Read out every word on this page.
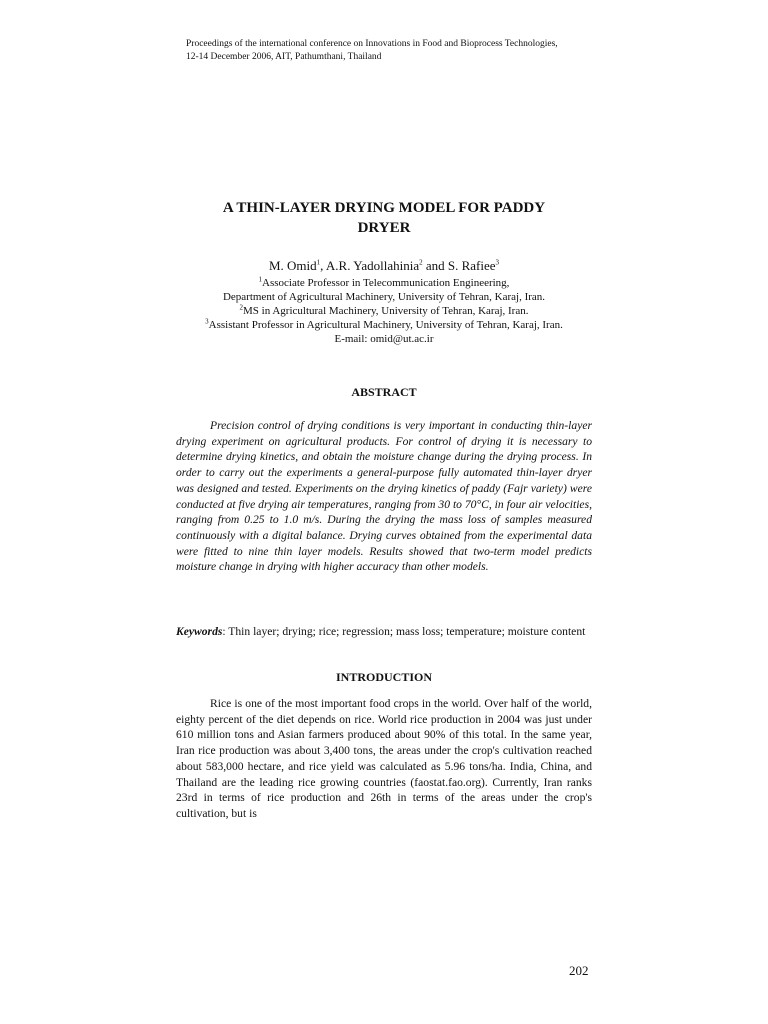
Proceedings of the international conference on Innovations in Food and Bioprocess Technologies,
12-14 December 2006, AIT, Pathumthani, Thailand
A THIN-LAYER DRYING MODEL FOR PADDY
DRYER
M. Omid$^1$, A.R. Yadollahinia$^2$ and S. Rafiee$^3$
$^1$Associate Professor in Telecommunication Engineering,
Department of Agricultural Machinery, University of Tehran, Karaj, Iran.
$^2$MS in Agricultural Machinery, University of Tehran, Karaj, Iran.
$^3$Assistant Professor in Agricultural Machinery, University of Tehran, Karaj, Iran.
E-mail: omid@ut.ac.ir
ABSTRACT
Precision control of drying conditions is very important in conducting thin-layer drying experiment on agricultural products. For control of drying it is necessary to determine drying kinetics, and obtain the moisture change during the drying process. In order to carry out the experiments a general-purpose fully automated thin-layer dryer was designed and tested. Experiments on the drying kinetics of paddy (Fajr variety) were conducted at five drying air temperatures, ranging from 30 to 70°C, in four air velocities, ranging from 0.25 to 1.0 m/s. During the drying the mass loss of samples measured continuously with a digital balance. Drying curves obtained from the experimental data were fitted to nine thin layer models. Results showed that two-term model predicts moisture change in drying with higher accuracy than other models.
Keywords: Thin layer; drying; rice; regression; mass loss; temperature; moisture content
INTRODUCTION
Rice is one of the most important food crops in the world. Over half of the world, eighty percent of the diet depends on rice. World rice production in 2004 was just under 610 million tons and Asian farmers produced about 90% of this total. In the same year, Iran rice production was about 3,400 tons, the areas under the crop's cultivation reached about 583,000 hectare, and rice yield was calculated as 5.96 tons/ha. India, China, and Thailand are the leading rice growing countries (faostat.fao.org). Currently, Iran ranks 23rd in terms of rice production and 26th in terms of the areas under the crop's cultivation, but is
202
